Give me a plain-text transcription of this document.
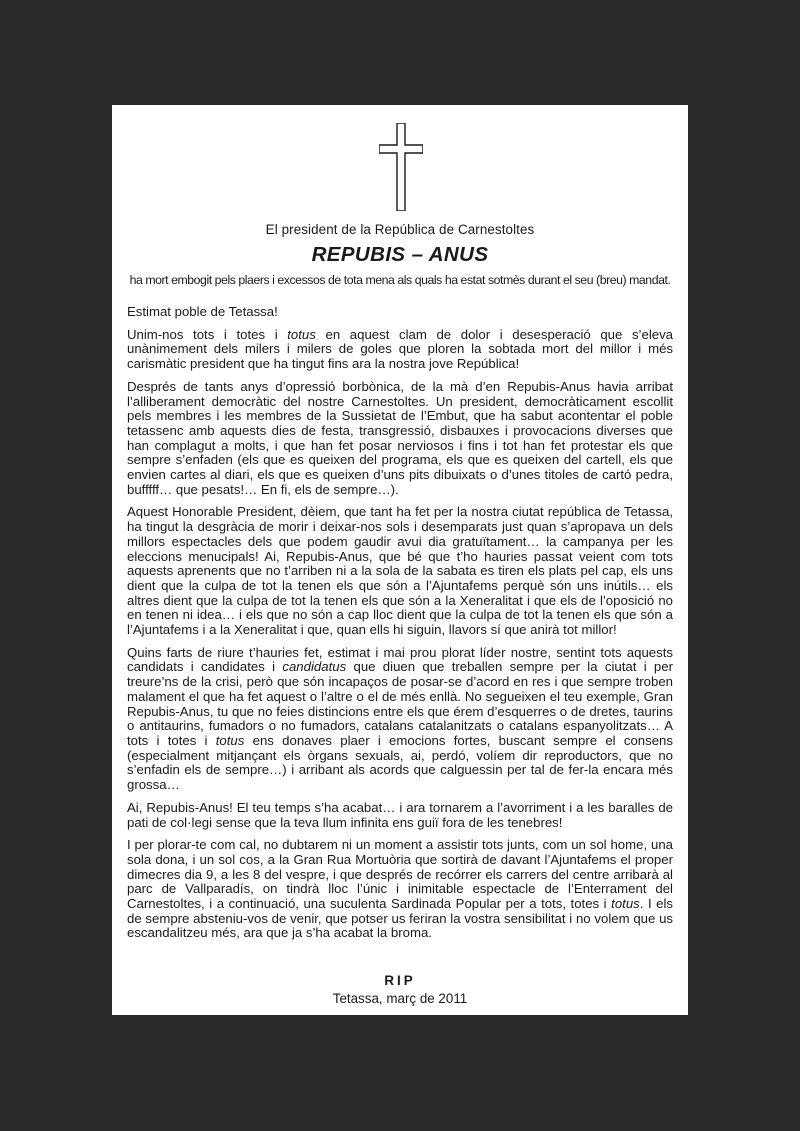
El president de la República de Carnestoltes
REPUBIS – ANUS
ha mort embogit pels plaers i excessos de tota mena als quals ha estat sotmès durant el seu (breu) mandat.

Estimat poble de Tetassa!

Unim-nos tots i totes i totus en aquest clam de dolor i desesperació que s’eleva unànimement dels milers i milers de goles que ploren la sobtada mort del millor i més carismàtic president que ha tingut fins ara la nostra jove República!

Després de tants anys d’opressió borbònica, de la mà d’en Repubis-Anus havia arribat l’alliberament democràtic del nostre Carnestoltes. Un president, democràticament escollit pels membres i les membres de la Sussietat de l’Embut, que ha sabut acontentar el poble tetassenc amb aquests dies de festa, transgressió, disbauxes i provocacions diverses que han complagut a molts, i que han fet posar nerviosos i fins i tot han fet protestar els que sempre s’enfaden (els que es queixen del programa, els que es queixen del cartell, els que envien cartes al diari, els que es queixen d’uns pits dibuixats o d’unes titoles de cartó pedra, bufffff… que pesats!… En fi, els de sempre…).

Aquest Honorable President, dèiem, que tant ha fet per la nostra ciutat república de Tetassa, ha tingut la desgràcia de morir i deixar-nos sols i desemparats just quan s’apropava un dels millors espectacles dels que podem gaudir avui dia gratuïtament… la campanya per les eleccions menucipals! Ai, Repubis-Anus, que bé que t’ho hauries passat veient com tots aquests aprenents que no t’arriben ni a la sola de la sabata es tiren els plats pel cap, els uns dient que la culpa de tot la tenen els que són a l’Ajuntafems perquè són uns inútils… els altres dient que la culpa de tot la tenen els que són a la Xeneralitat i que els de l’oposició no en tenen ni idea… i els que no són a cap lloc dient que la culpa de tot la tenen els que són a l’Ajuntafems i a la Xeneralitat i que, quan ells hi siguin, llavors sí que anirà tot millor!

Quins farts de riure t’hauries fet, estimat i mai prou plorat líder nostre, sentint tots aquests candidats i candidates i candidatus que diuen que treballen sempre per la ciutat i per treure’ns de la crisi, però que són incapaços de posar-se d’acord en res i que sempre troben malament el que ha fet aquest o l’altre o el de més enllà. No segueixen el teu exemple, Gran Repubis-Anus, tu que no feies distincions entre els que érem d’esquerres o de dretes, taurins o antitaurins, fumadors o no fumadors, catalans catalanitzats o catalans espanyolitzats… A tots i totes i totus ens donaves plaer i emocions fortes, buscant sempre el consens (especialment mitjançant els òrgans sexuals, ai, perdó, volíem dir reproductors, que no s’enfadin els de sempre…) i arribant als acords que calguessin per tal de fer-la encara més grossa…

Ai, Repubis-Anus! El teu temps s’ha acabat… i ara tornarem a l’avorriment i a les baralles de pati de col·legi sense que la teva llum infinita ens guiï fora de les tenebres!

I per plorar-te com cal, no dubtarem ni un moment a assistir tots junts, com un sol home, una sola dona, i un sol cos, a la Gran Rua Mortuòria que sortirà de davant l’Ajuntafems el proper dimecres dia 9, a les 8 del vespre, i que després de recórrer els carrers del centre arribarà al parc de Vallparadís, on tindrà lloc l’únic i inimitable espectacle de l’Enterrament del Carnestoltes, i a continuació, una suculenta Sardinada Popular per a tots, totes i totus. I els de sempre absteniu-vos de venir, que potser us feriran la vostra sensibilitat i no volem que us escandalitzeu més, ara que ja s’ha acabat la broma.

RIP
Tetassa, març de 2011
